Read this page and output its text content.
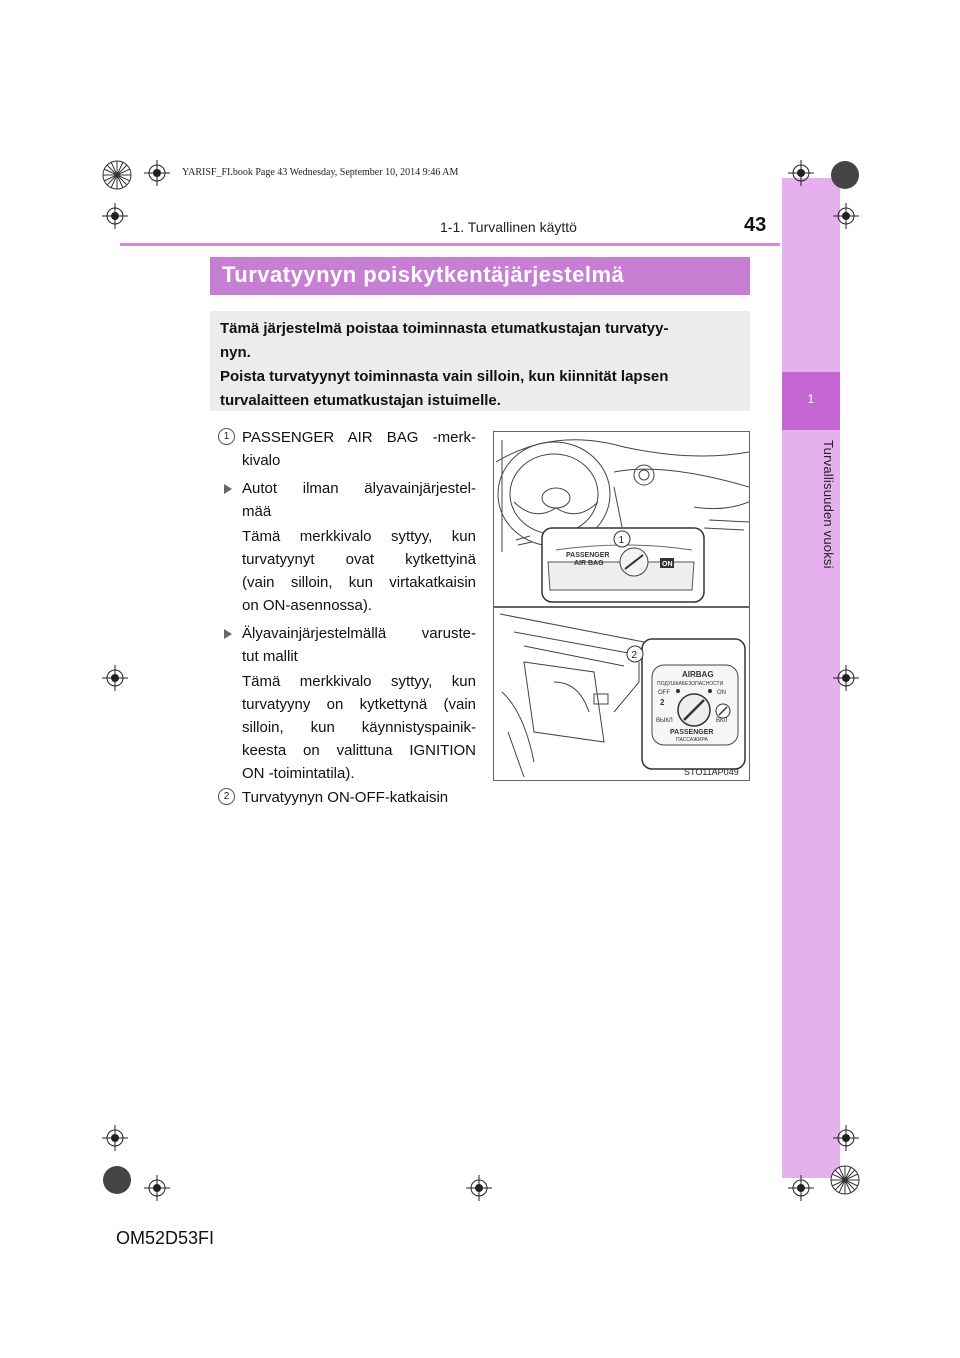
1
Turvallisuuden vuoksi
YARISF_FI.book Page 43 Wednesday, September 10, 2014 9:46 AM
1-1. Turvallinen käyttö	43
Turvatyynyn poiskytkentäjärjestelmä

Tämä järjestelmä poistaa toiminnasta etumatkustajan turvatyy-

nyn.

Poista turvatyynyt toiminnasta vain silloin, kun kiinnität lapsen

turvalaitteen etumatkustajan istuimelle.

1 PASSENGER AIR BAG -merk-
kivalo
Autot ilman älyavainjärjestel-
mää
Tämä merkkivalo syttyy, kun
turvatyynyt ovat kytkettyinä
(vain silloin, kun virtakatkaisin
on ON-asennossa).
Älyavainjärjestelmällä varuste-
tut mallit
Tämä merkkivalo syttyy, kun
turvatyyny on kytkettynä (vain
silloin, kun käynnistyspainik-
keesta on valittuna IGNITION
ON -toimintatila).
2 Turvatyynyn ON-OFF-katkaisin
PASSENGER
AIR BAG	ON
1
AIRBAG
ПОДУШКАБЕЗОПАСНОСТИ
OFF	ON
2
ВЫКЛ	ВКЛ
PASSENGER
ПАССАЖИРА
2
STO11AP049
OM52D53FI
